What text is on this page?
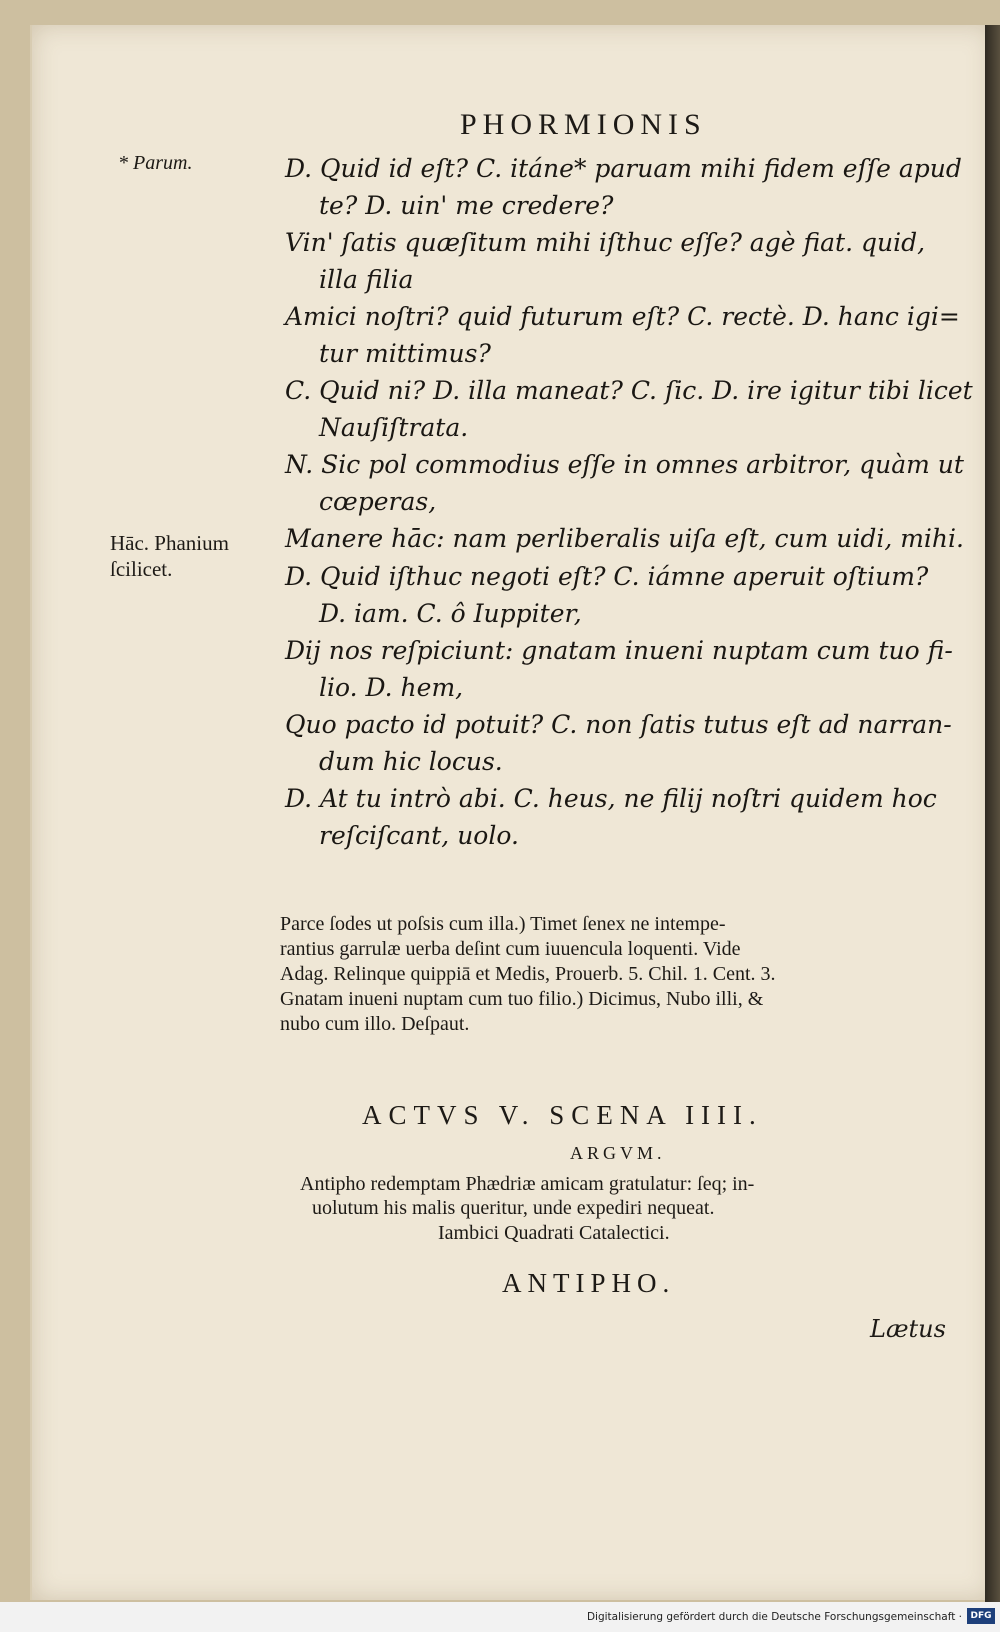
PHORMIONIS
* Parum.
Hāc. Phanium
ſcilicet.
D. Quid id eſt? C. itáne* paruam mihi fidem eſſe apud
te? D. uin' me credere?
Vin' ſatis quæſitum mihi iſthuc eſſe? agè fiat. quid,
illa filia
Amici noſtri? quid futurum eſt? C. rectè. D. hanc igi=
tur mittimus?
C. Quid ni? D. illa maneat? C. ſic. D. ire igitur tibi licet
Nauſiſtrata.
N. Sic pol commodius eſſe in omnes arbitror, quàm ut
cœperas,
Manere hāc: nam perliberalis uiſa eſt, cum uidi, mihi.
D. Quid iſthuc negoti eſt? C. iámne aperuit oſtium?
D. iam. C. ô Iuppiter,
Dij nos reſpiciunt: gnatam inueni nuptam cum tuo fi-
lio. D. hem,
Quo pacto id potuit? C. non ſatis tutus eſt ad narran-
dum hic locus.
D. At tu intrò abi. C. heus, ne filij noſtri quidem hoc
reſciſcant, uolo.
Parce ſodes ut poſsis cum illa.) Timet ſenex ne intempe-
rantius garrulæ uerba deſint cum iuuencula loquenti. Vide
Adag. Relinque quippiā et Medis, Prouerb. 5. Chil. 1. Cent. 3.
Gnatam inueni nuptam cum tuo filio.) Dicimus, Nubo illi, &
nubo cum illo. Deſpaut.
ACTVS V. SCENA IIII.
ARGVM.
Antipho redemptam Phædriæ amicam gratulatur: ſeq; in-
uolutum his malis queritur, unde expediri nequeat.
Iambici Quadrati Catalectici.
ANTIPHO.
Lætus
Digitalisierung gefördert durch die Deutsche Forschungsgemeinschaft · DFG
